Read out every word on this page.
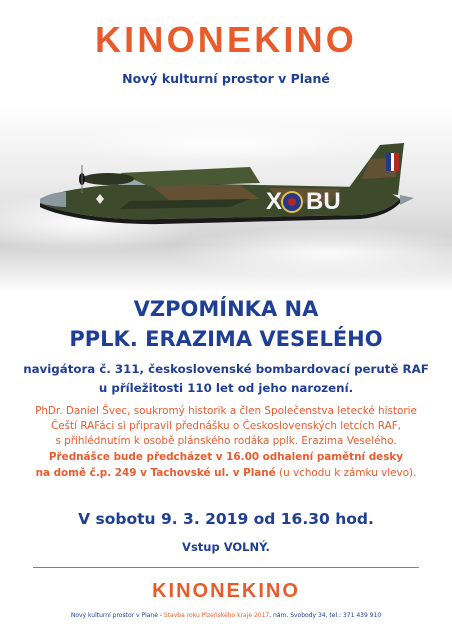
KINONEKINO
Nový kulturní prostor v Plané
X BU
VZPOMÍNKA NA
PPLK. ERAZIMA VESELÉHO
navigátora č. 311, československé bombardovací perutě RAF
u příležitosti 110 let od jeho narození.
PhDr. Daniel Švec, soukromý historik a člen Společenstva letecké historie
Čeští RAFáci si připravil přednášku o Československých letcích RAF,
s přihlédnutím k osobě plánského rodáka pplk. Erazima Veselého.
Přednášce bude předcházet v 16.00 odhalení pamětní desky
na domě č.p. 249 v Tachovské ul. v Plané (u vchodu k zámku vlevo).
V sobotu 9. 3. 2019 od 16.30 hod.
Vstup VOLNÝ.
KINONEKINO
Nový kulturní prostor v Plané - Stavba roku Plzeňského kraje 2017, nám. Svobody 34, tel.: 371 439 910
